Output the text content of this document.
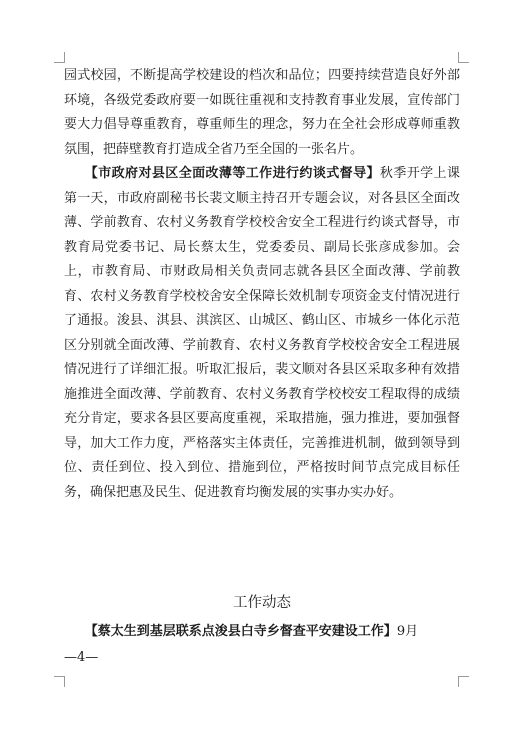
园式校园，不断提高学校建设的档次和品位；四要持续营造良好外部环境，各级党委政府要一如既往重视和支持教育事业发展，宣传部门要大力倡导尊重教育，尊重师生的理念，努力在全社会形成尊师重教氛围，把薛壁教育打造成全省乃至全国的一张名片。

【市政府对县区全面改薄等工作进行约谈式督导】秋季开学上课第一天，市政府副秘书长裴文顺主持召开专题会议，对各县区全面改薄、学前教育、农村义务教育学校校舍安全工程进行约谈式督导，市教育局党委书记、局长蔡太生，党委委员、副局长张彦成参加。会上，市教育局、市财政局相关负责同志就各县区全面改薄、学前教育、农村义务教育学校校舍安全保障长效机制专项资金支付情况进行了通报。浚县、淇县、淇滨区、山城区、鹤山区、市城乡一体化示范区分别就全面改薄、学前教育、农村义务教育学校校舍安全工程进展情况进行了详细汇报。听取汇报后，裴文顺对各县区采取多种有效措施推进全面改薄、学前教育、农村义务教育学校校安工程取得的成绩充分肯定，要求各县区要高度重视，采取措施，强力推进，要加强督导，加大工作力度，严格落实主体责任，完善推进机制，做到领导到位、责任到位、投入到位、措施到位，严格按时间节点完成目标任务，确保把惠及民生、促进教育均衡发展的实事办实办好。

工作动态
【蔡太生到基层联系点浚县白寺乡督查平安建设工作】9月
—4—
